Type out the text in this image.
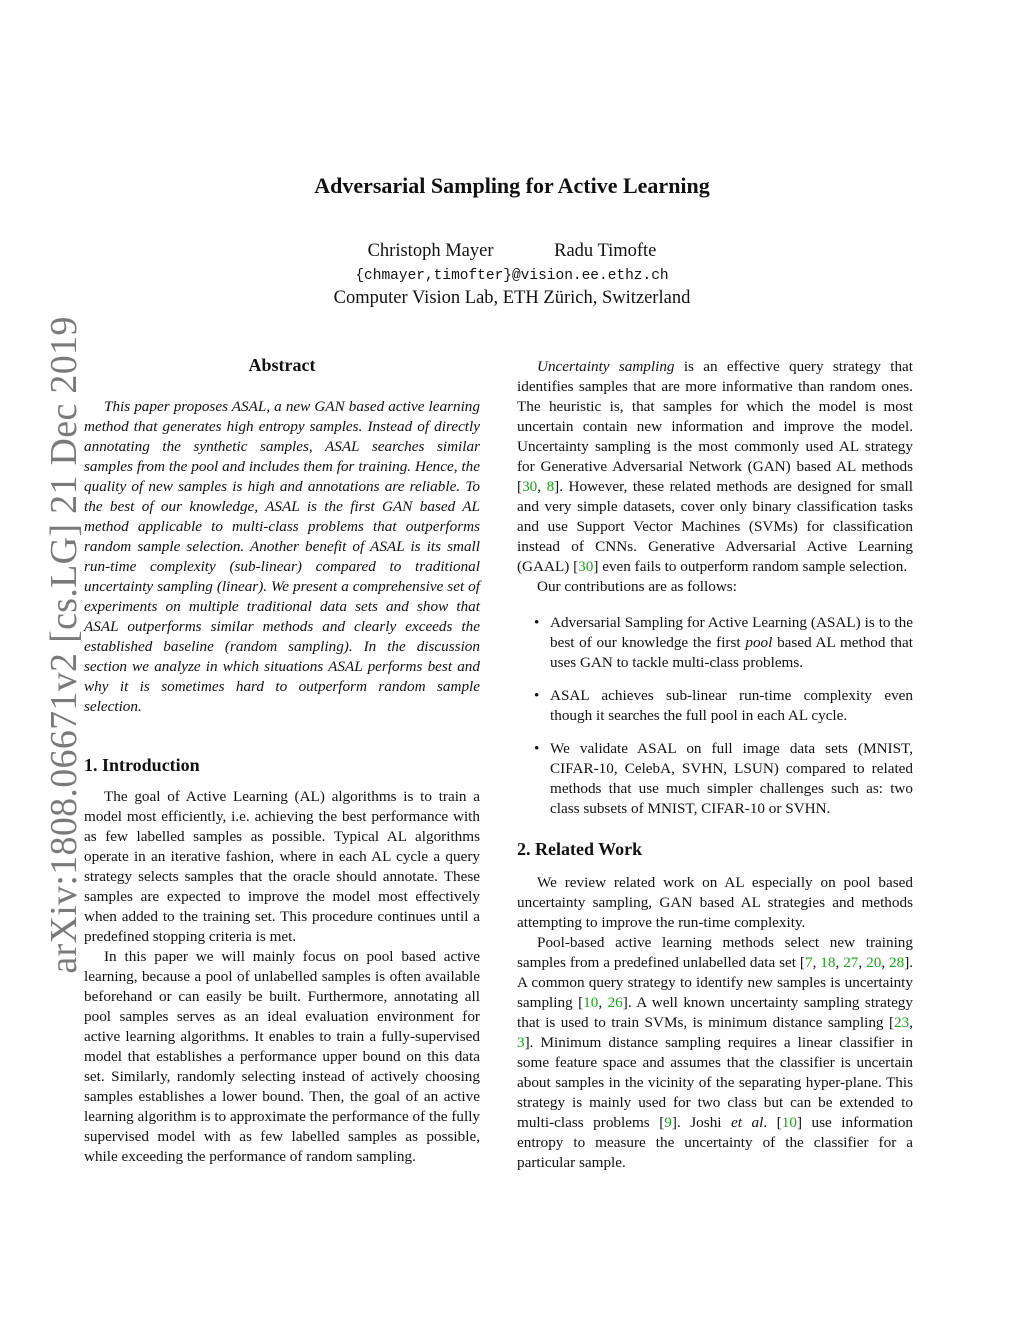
arXiv:1808.06671v2 [cs.LG] 21 Dec 2019
Adversarial Sampling for Active Learning
Christoph Mayer	Radu Timofte
{chmayer,timofter}@vision.ee.ethz.ch
Computer Vision Lab, ETH Zürich, Switzerland
Abstract

This paper proposes ASAL, a new GAN based active learning method that generates high entropy samples. Instead of directly annotating the synthetic samples, ASAL searches similar samples from the pool and includes them for training. Hence, the quality of new samples is high and annotations are reliable. To the best of our knowledge, ASAL is the first GAN based AL method applicable to multi-class problems that outperforms random sample selection. Another benefit of ASAL is its small run-time complexity (sub-linear) compared to traditional uncertainty sampling (linear). We present a comprehensive set of experiments on multiple traditional data sets and show that ASAL outperforms similar methods and clearly exceeds the established baseline (random sampling). In the discussion section we analyze in which situations ASAL performs best and why it is sometimes hard to outperform random sample selection.

1. Introduction

The goal of Active Learning (AL) algorithms is to train a model most efficiently, i.e. achieving the best performance with as few labelled samples as possible. Typical AL algorithms operate in an iterative fashion, where in each AL cycle a query strategy selects samples that the oracle should annotate. These samples are expected to improve the model most effectively when added to the training set. This procedure continues until a predefined stopping criteria is met.

In this paper we will mainly focus on pool based active learning, because a pool of unlabelled samples is often available beforehand or can easily be built. Furthermore, annotating all pool samples serves as an ideal evaluation environment for active learning algorithms. It enables to train a fully-supervised model that establishes a performance upper bound on this data set. Similarly, randomly selecting instead of actively choosing samples establishes a lower bound. Then, the goal of an active learning algorithm is to approximate the performance of the fully supervised model with as few labelled samples as possible, while exceeding the performance of random sampling.

Uncertainty sampling is an effective query strategy that identifies samples that are more informative than random ones. The heuristic is, that samples for which the model is most uncertain contain new information and improve the model. Uncertainty sampling is the most commonly used AL strategy for Generative Adversarial Network (GAN) based AL methods [30, 8]. However, these related methods are designed for small and very simple datasets, cover only binary classification tasks and use Support Vector Machines (SVMs) for classification instead of CNNs. Generative Adversarial Active Learning (GAAL) [30] even fails to outperform random sample selection.

Our contributions are as follows:

• Adversarial Sampling for Active Learning (ASAL) is to the best of our knowledge the first pool based AL method that uses GAN to tackle multi-class problems.
• ASAL achieves sub-linear run-time complexity even though it searches the full pool in each AL cycle.
• We validate ASAL on full image data sets (MNIST, CIFAR-10, CelebA, SVHN, LSUN) compared to related methods that use much simpler challenges such as: two class subsets of MNIST, CIFAR-10 or SVHN.
2. Related Work

We review related work on AL especially on pool based uncertainty sampling, GAN based AL strategies and methods attempting to improve the run-time complexity.

Pool-based active learning methods select new training samples from a predefined unlabelled data set [7, 18, 27, 20, 28]. A common query strategy to identify new samples is uncertainty sampling [10, 26]. A well known uncertainty sampling strategy that is used to train SVMs, is minimum distance sampling [23, 3]. Minimum distance sampling requires a linear classifier in some feature space and assumes that the classifier is uncertain about samples in the vicinity of the separating hyper-plane. This strategy is mainly used for two class but can be extended to multi-class problems [9]. Joshi et al. [10] use information entropy to measure the uncertainty of the classifier for a particular sample.
